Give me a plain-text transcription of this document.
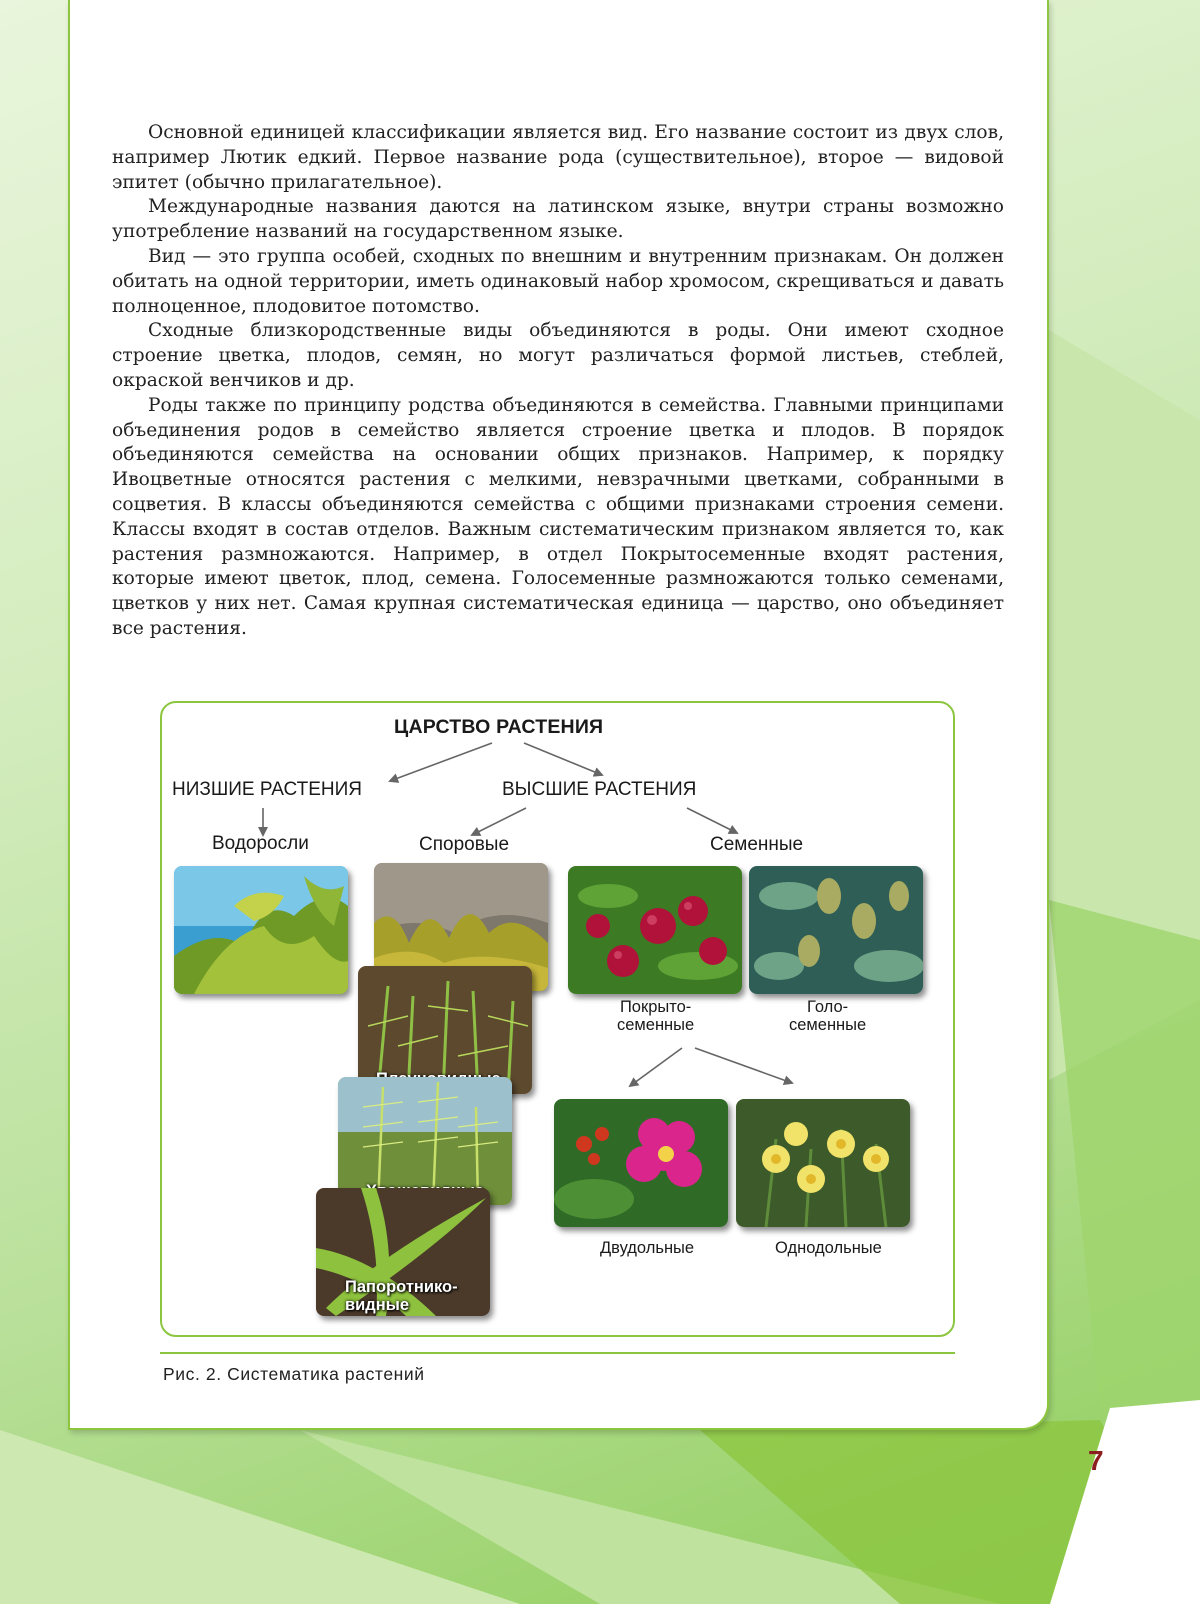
Основной единицей классификации является вид. Его название состоит из двух слов, например Лютик едкий. Первое название рода (существительное), второе — видовой эпитет (обычно прилагательное).

Международные названия даются на латинском языке, внутри страны возможно употребление названий на государственном языке.

Вид — это группа особей, сходных по внешним и внутренним признакам. Он должен обитать на одной территории, иметь одинаковый набор хромосом, скрещиваться и давать полноценное, плодовитое потомство.

Сходные близкородственные виды объединяются в роды. Они имеют сходное строение цветка, плодов, семян, но могут различаться формой листьев, стеблей, окраской венчиков и др.

Роды также по принципу родства объединяются в семейства. Главными принципами объединения родов в семейство является строение цветка и плодов. В порядок объединяются семейства на основании общих признаков. Например, к порядку Ивоцветные относятся растения с мелкими, невзрачными цветками, собранными в соцветия. В классы объединяются семейства с общими признаками строения семени. Классы входят в состав отделов. Важным систематическим признаком является то, как растения размножаются. Например, в отдел Покрытосеменные входят растения, которые имеют цветок, плод, семена. Голосеменные размножаются только семенами, цветков у них нет. Самая крупная систематическая единица — царство, оно объединяет все растения.

ЦАРСТВО РАСТЕНИЯ
НИЗШИЕ РАСТЕНИЯ	ВЫСШИЕ РАСТЕНИЯ
Водоросли	Споровые	Семенные
Папоротнико-
видные
Покрыто-
семенные
Голо-
семенные
Двудольные	Однодольные
Рис. 2. Систематика растений
7
